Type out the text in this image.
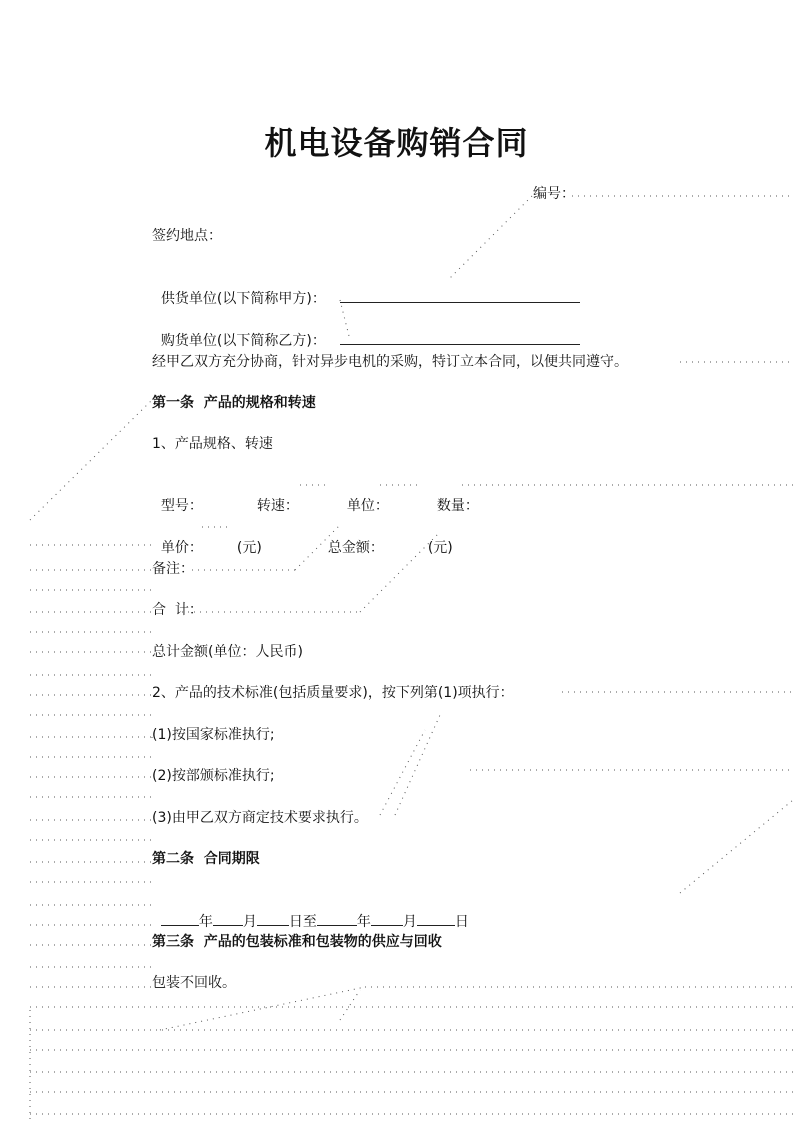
机电设备购销合同
编号：
签约地点：

供货单位(以下简称甲方)：

购货单位(以下简称乙方)：

经甲乙双方充分协商，针对异步电机的采购，特订立本合同，以便共同遵守。
第一条  产品的规格和转速
1、产品规格、转速

型号：	转速：	单位：	数量：

单价： (元)	总金额：	(元)

备注：
合  计：
总计金额(单位：人民币)
2、产品的技术标准(包括质量要求)，按下列第(1)项执行：
(1)按国家标准执行;
(2)按部颁标准执行;
(3)由甲乙双方商定技术要求执行。
第二条  合同期限

年 月 日至	年 月	日

第三条  产品的包装标准和包装物的供应与回收
包装不回收。
